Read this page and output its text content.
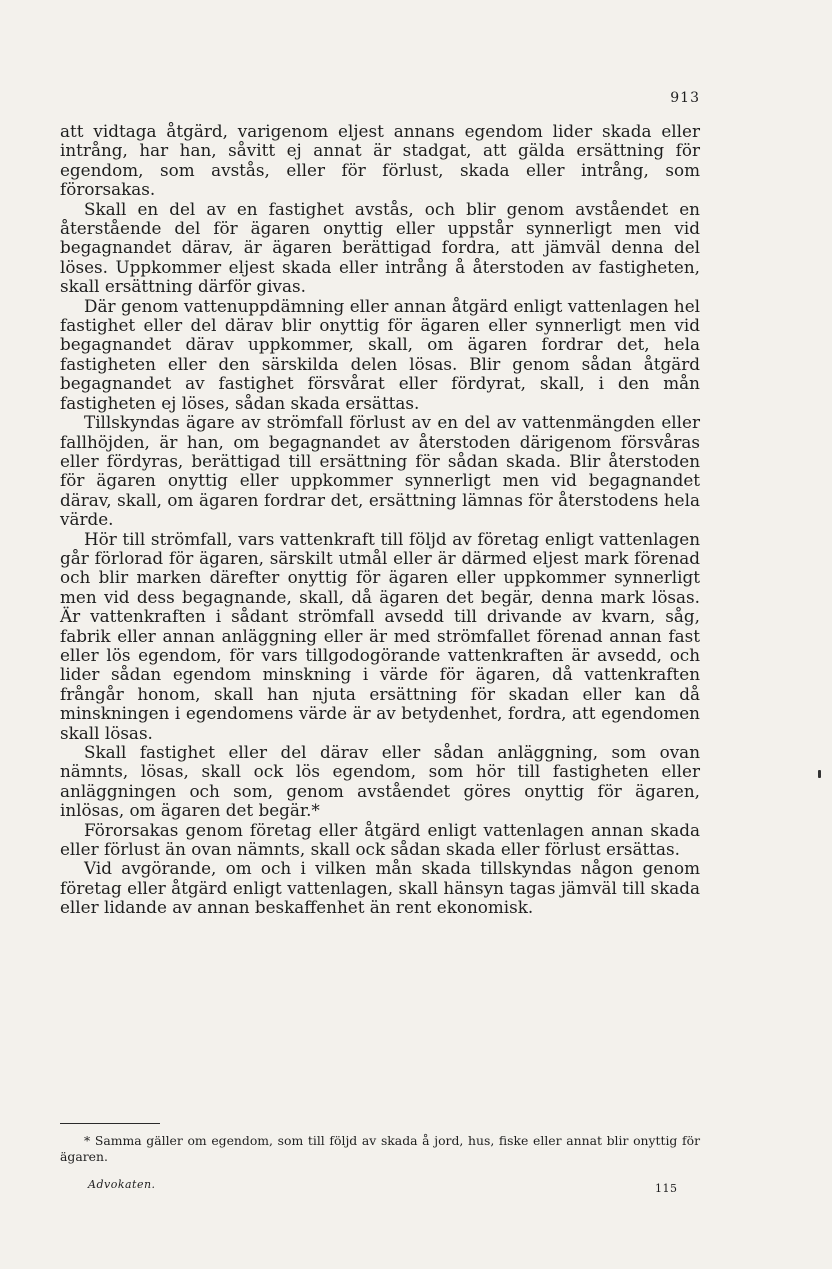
913

att vidtaga åtgärd, varigenom eljest annans egendom lider skada eller intrång, har han, såvitt ej annat är stadgat, att gälda ersättning för egendom, som avstås, eller för förlust, skada eller intrång, som förorsakas.

Skall en del av en fastighet avstås, och blir genom avståendet en återstående del för ägaren onyttig eller uppstår synnerligt men vid begagnandet därav, är ägaren berättigad fordra, att jämväl denna del löses. Uppkommer eljest skada eller intrång å återstoden av fastigheten, skall ersättning därför givas.

Där genom vattenuppdämning eller annan åtgärd enligt vattenlagen hel fastighet eller del därav blir onyttig för ägaren eller synnerligt men vid begagnandet därav uppkommer, skall, om ägaren fordrar det, hela fastigheten eller den särskilda delen lösas. Blir genom sådan åtgärd begagnandet av fastighet försvårat eller fördyrat, skall, i den mån fastigheten ej löses, sådan skada ersättas.

Tillskyndas ägare av strömfall förlust av en del av vattenmängden eller fallhöjden, är han, om begagnandet av återstoden därigenom försvåras eller fördyras, berättigad till ersättning för sådan skada. Blir återstoden för ägaren onyttig eller uppkommer synnerligt men vid begagnandet därav, skall, om ägaren fordrar det, ersättning lämnas för återstodens hela värde.

Hör till strömfall, vars vattenkraft till följd av företag enligt vattenlagen går förlorad för ägaren, särskilt utmål eller är därmed eljest mark förenad och blir marken därefter onyttig för ägaren eller uppkommer synnerligt men vid dess begagnande, skall, då ägaren det begär, denna mark lösas. Är vattenkraften i sådant strömfall avsedd till drivande av kvarn, såg, fabrik eller annan anläggning eller är med strömfallet förenad annan fast eller lös egendom, för vars tillgodogörande vattenkraften är avsedd, och lider sådan egendom minskning i värde för ägaren, då vattenkraften frångår honom, skall han njuta ersättning för skadan eller kan då minskningen i egendomens värde är av betydenhet, fordra, att egendomen skall lösas.

Skall fastighet eller del därav eller sådan anläggning, som ovan nämnts, lösas, skall ock lös egendom, som hör till fastigheten eller anläggningen och som, genom avståendet göres onyttig för ägaren, inlösas, om ägaren det begär.*

Förorsakas genom företag eller åtgärd enligt vattenlagen annan skada eller förlust än ovan nämnts, skall ock sådan skada eller förlust ersättas.

Vid avgörande, om och i vilken mån skada tillskyndas någon genom företag eller åtgärd enligt vattenlagen, skall hänsyn tagas jämväl till skada eller lidande av annan beskaffenhet än rent ekonomisk.

* Samma gäller om egendom, som till följd av skada å jord, hus, fiske eller annat blir onyttig för ägaren.

Advokaten.	115
